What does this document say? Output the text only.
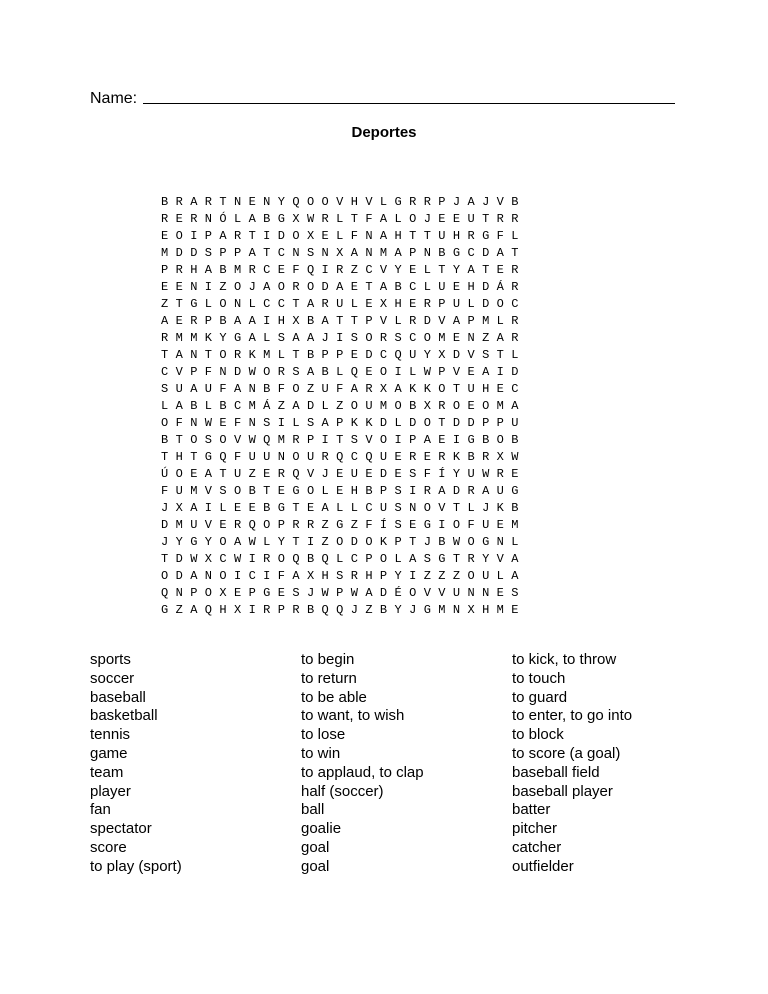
Name:
Deportes
B R A R T N E N Y Q O O V H V L G R R P J A J V B
R E R N Ó L A B G X W R L T F A L O J E E U T R R
E O I P A R T I D O X E L F N A H T T U H R G F L
M D D S P P A T C N S N X A N M A P N B G C D A T
P R H A B M R C E F Q I R Z C V Y E L T Y A T E R
E E N I Z O J A O R O D A E T A B C L U E H D Á R
Z T G L O N L C C T A R U L E X H E R P U L D O C
A E R P B A A I H X B A T T P V L R D V A P M L R
R M M K Y G A L S A A J I S O R S C O M E N Z A R
T A N T O R K M L T B P P E D C Q U Y X D V S T L
C V P F N D W O R S A B L Q E O I L W P V E A I D
S U A U F A N B F O Z U F A R X A K K O T U H E C
L A B L B C M Á Z A D L Z O U M O B X R O E O M A
O F N W E F N S I L S A P K K D L D O T D D P P U
B T O S O V W Q M R P I T S V O I P A E I G B O B
T H T G Q F U U N O U R Q C Q U E R E R K B R X W
Ú O E A T U Z E R Q V J E U E D E S F Í Y U W R E
F U M V S O B T E G O L E H B P S I R A D R A U G
J X A I L E E B G T E A L L C U S N O V T L J K B
D M U V E R Q O P R R Z G Z F Í S E G I O F U E M
J Y G Y O A W L Y T I Z O D O K P T J B W O G N L
T D W X C W I R O Q B Q L C P O L A S G T R Y V A
O D A N O I C I F A X H S R H P Y I Z Z Z O U L A
Q N P O X E P G E S J W P W A D É O V V U N N E S
G Z A Q H X I R P R B Q Q J Z B Y J G M N X H M E
sports
soccer
baseball
basketball
tennis
game
team
player
fan
spectator
score
to play (sport)
to begin
to return
to be able
to want, to wish
to lose
to win
to applaud, to clap
half (soccer)
ball
goalie
goal
goal
to kick, to throw
to touch
to guard
to enter, to go into
to block
to score (a goal)
baseball field
baseball player
batter
pitcher
catcher
outfielder
